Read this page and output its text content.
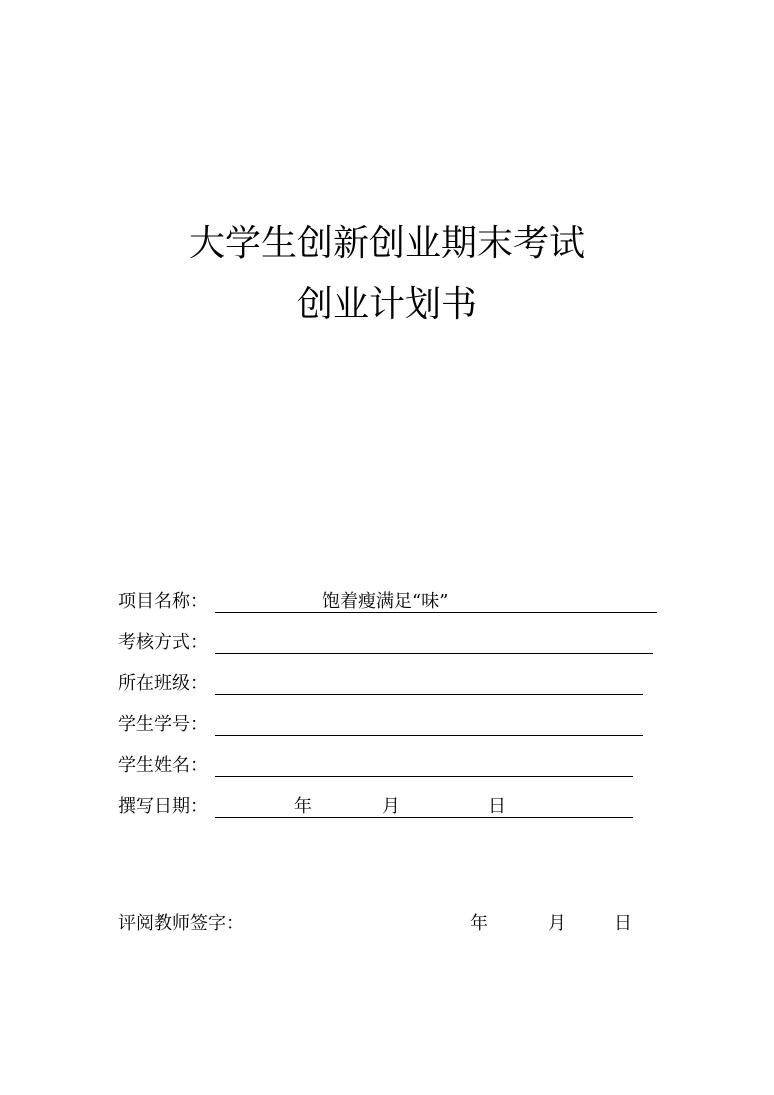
大学生创新创业期末考试
创业计划书
项目名称：	饱着瘦满足“味”
考核方式：
所在班级：
学生学号：
学生姓名：
撰写日期：	年	月	日
评阅教师签字：	年	月	日
